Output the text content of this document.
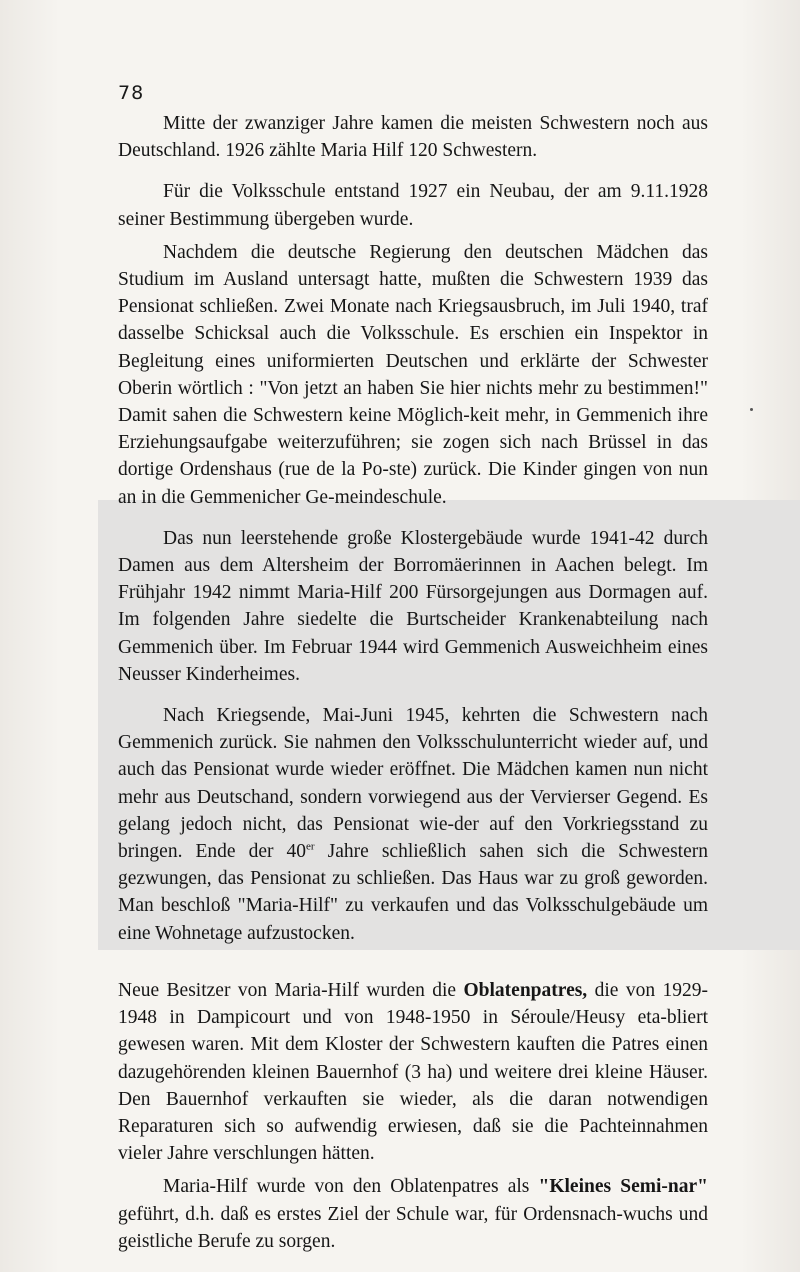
78

Mitte der zwanziger Jahre kamen die meisten Schwestern noch aus Deutschland. 1926 zählte Maria Hilf 120 Schwestern.

Für die Volksschule entstand 1927 ein Neubau, der am 9.11.1928 seiner Bestimmung übergeben wurde.

Nachdem die deutsche Regierung den deutschen Mädchen das Studium im Ausland untersagt hatte, mußten die Schwestern 1939 das Pensionat schließen. Zwei Monate nach Kriegsausbruch, im Juli 1940, traf dasselbe Schicksal auch die Volksschule. Es erschien ein Inspektor in Begleitung eines uniformierten Deutschen und erklärte der Schwester Oberin wörtlich : "Von jetzt an haben Sie hier nichts mehr zu bestimmen!" Damit sahen die Schwestern keine Möglich-keit mehr, in Gemmenich ihre Erziehungsaufgabe weiterzuführen; sie zogen sich nach Brüssel in das dortige Ordenshaus (rue de la Po-ste) zurück. Die Kinder gingen von nun an in die Gemmenicher Ge-meindeschule.

Das nun leerstehende große Klostergebäude wurde 1941-42 durch Damen aus dem Altersheim der Borromäerinnen in Aachen belegt. Im Frühjahr 1942 nimmt Maria-Hilf 200 Fürsorgejungen aus Dormagen auf. Im folgenden Jahre siedelte die Burtscheider Krankenabteilung nach Gemmenich über. Im Februar 1944 wird Gemmenich Ausweichheim eines Neusser Kinderheimes.

Nach Kriegsende, Mai-Juni 1945, kehrten die Schwestern nach Gemmenich zurück. Sie nahmen den Volksschulunterricht wieder auf, und auch das Pensionat wurde wieder eröffnet. Die Mädchen kamen nun nicht mehr aus Deutschand, sondern vorwiegend aus der Vervierser Gegend. Es gelang jedoch nicht, das Pensionat wie-der auf den Vorkriegsstand zu bringen. Ende der 40er Jahre schließlich sahen sich die Schwestern gezwungen, das Pensionat zu schließen. Das Haus war zu groß geworden. Man beschloß "Maria-Hilf" zu verkaufen und das Volksschulgebäude um eine Wohnetage aufzustocken.

Neue Besitzer von Maria-Hilf wurden die Oblatenpatres, die von 1929-1948 in Dampicourt und von 1948-1950 in Séroule/Heusy eta-bliert gewesen waren. Mit dem Kloster der Schwestern kauften die Patres einen dazugehörenden kleinen Bauernhof (3 ha) und weitere drei kleine Häuser. Den Bauernhof verkauften sie wieder, als die daran notwendigen Reparaturen sich so aufwendig erwiesen, daß sie die Pachteinnahmen vieler Jahre verschlungen hätten.

Maria-Hilf wurde von den Oblatenpatres als "Kleines Semi-nar" geführt, d.h. daß es erstes Ziel der Schule war, für Ordensnach-wuchs und geistliche Berufe zu sorgen.
